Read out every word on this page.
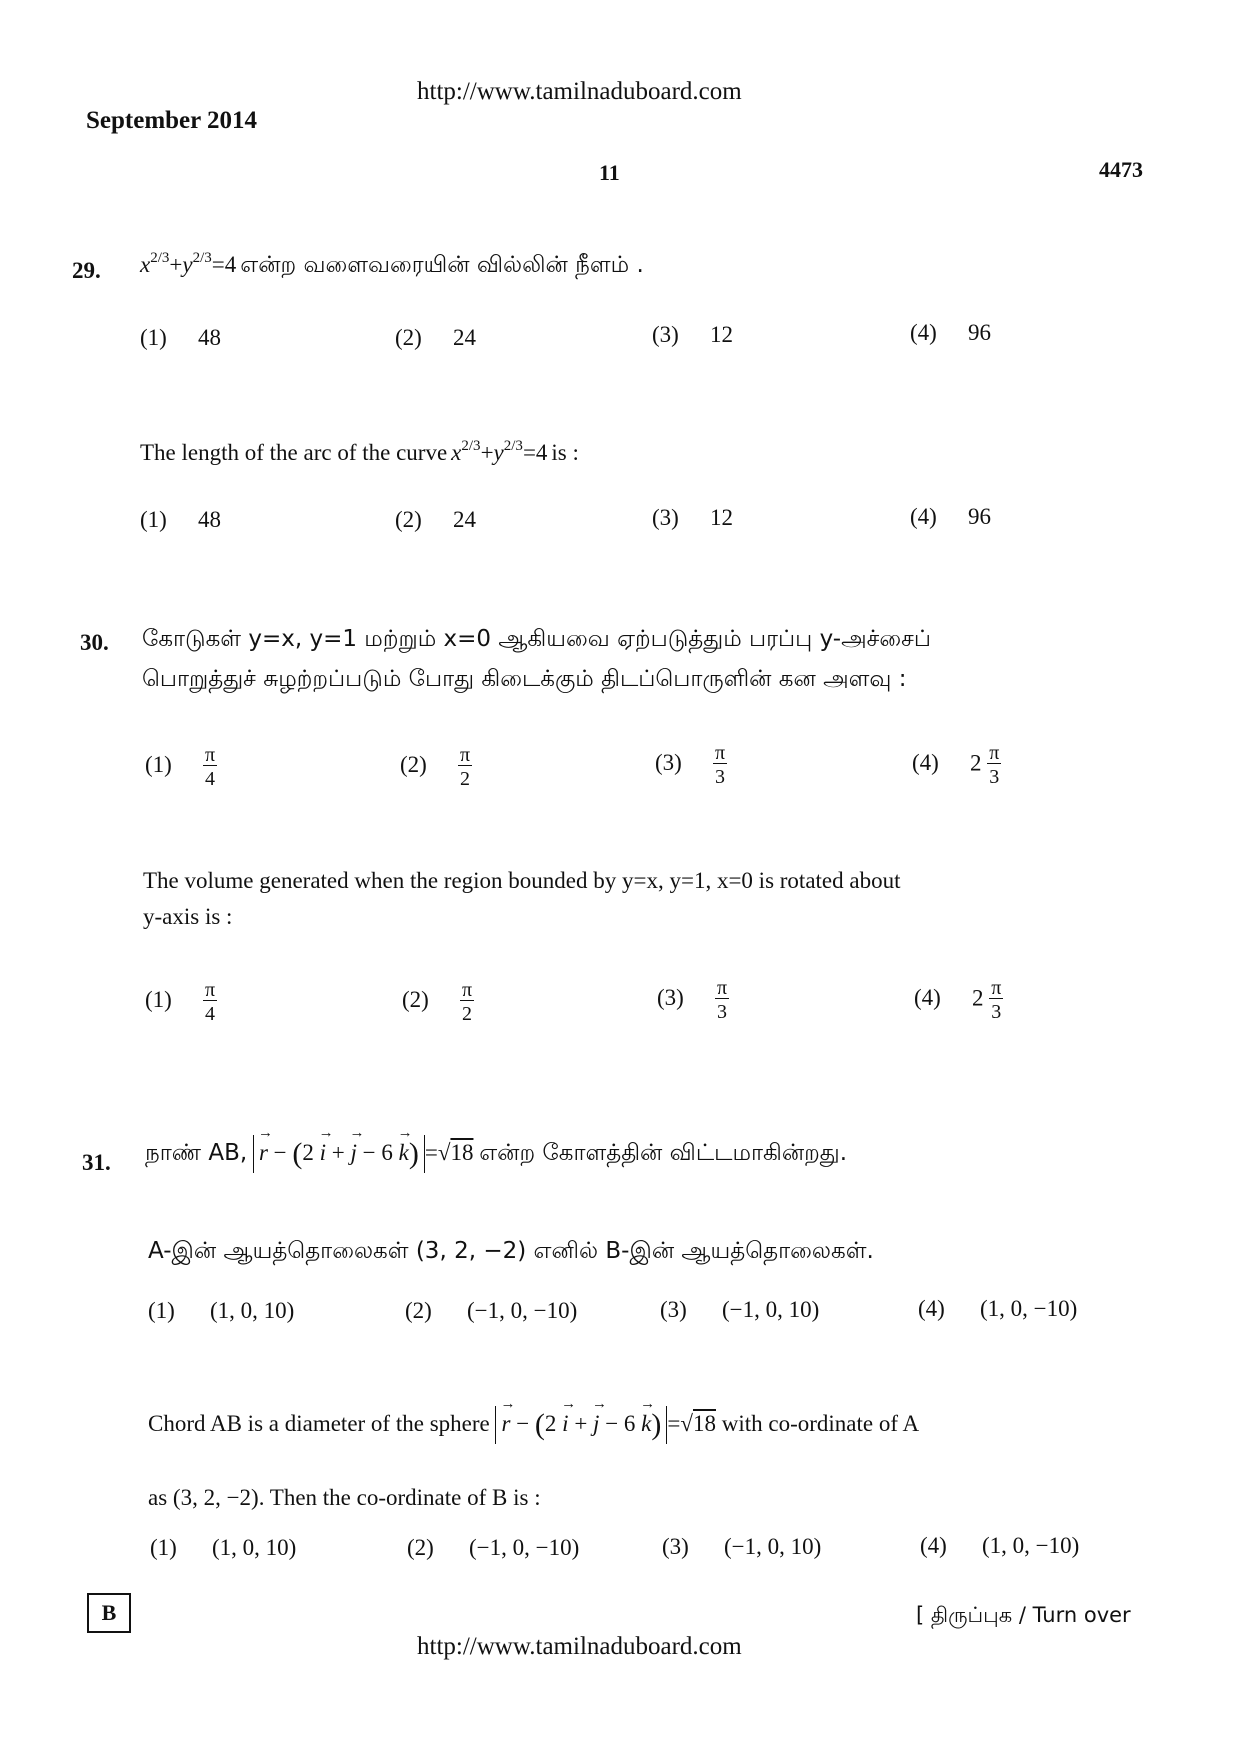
http://www.tamilnaduboard.com
September 2014
11	4473
29. $x^{2/3}+y^{2/3}=4$ என்ற வளைவரையின் வில்லின் நீளம் .
(1) 48	(2) 24	(3) 12	(4) 96
The length of the arc of the curve $x^{2/3}+y^{2/3}=4$ is :
(1) 48	(2) 24	(3) 12	(4) 96
30. கோடுகள் y=x, y=1 மற்றும் x=0 ஆகியவை ஏற்படுத்தும் பரப்பு y-அச்சைப்
பொறுத்துச் சுழற்றப்படும் போது கிடைக்கும் திடப்பொருளின் கன அளவு :
$(1) \frac{\pi}{4}$	$(2) \frac{\pi}{2}$	$(3) \frac{\pi}{3}$	(4) $2 \frac{\pi}{3}$
The volume generated when the region bounded by y=x, y=1, x=0 is rotated about
y-axis is :
$(1) \frac{\pi}{4}$	$(2) \frac{\pi}{2}$	$(3) \frac{\pi}{3}$	(4) $2 \frac{\pi}{3}$
31. நாண் AB, → r − (2 → i + → j − 6 → k) =√18 என்ற கோளத்தின் விட்டமாகின்றது.
A-இன் ஆயத்தொலைகள் (3, 2, −2) எனில் B-இன் ஆயத்தொலைகள்.
(1) (1, 0, 10)	(2) (−1, 0, −10)	(3) (−1, 0, 10)	(4) (1, 0, −10)
Chord AB is a diameter of the sphere → r − (2 → i + → j − 6 → k) =√18 with co-ordinate of A
as (3, 2, −2). Then the co-ordinate of B is :
(1) (1, 0, 10)	(2) (−1, 0, −10)	(3) (−1, 0, 10)	(4) (1, 0, −10)
B	[ திருப்புக / Turn over
http://www.tamilnaduboard.com
